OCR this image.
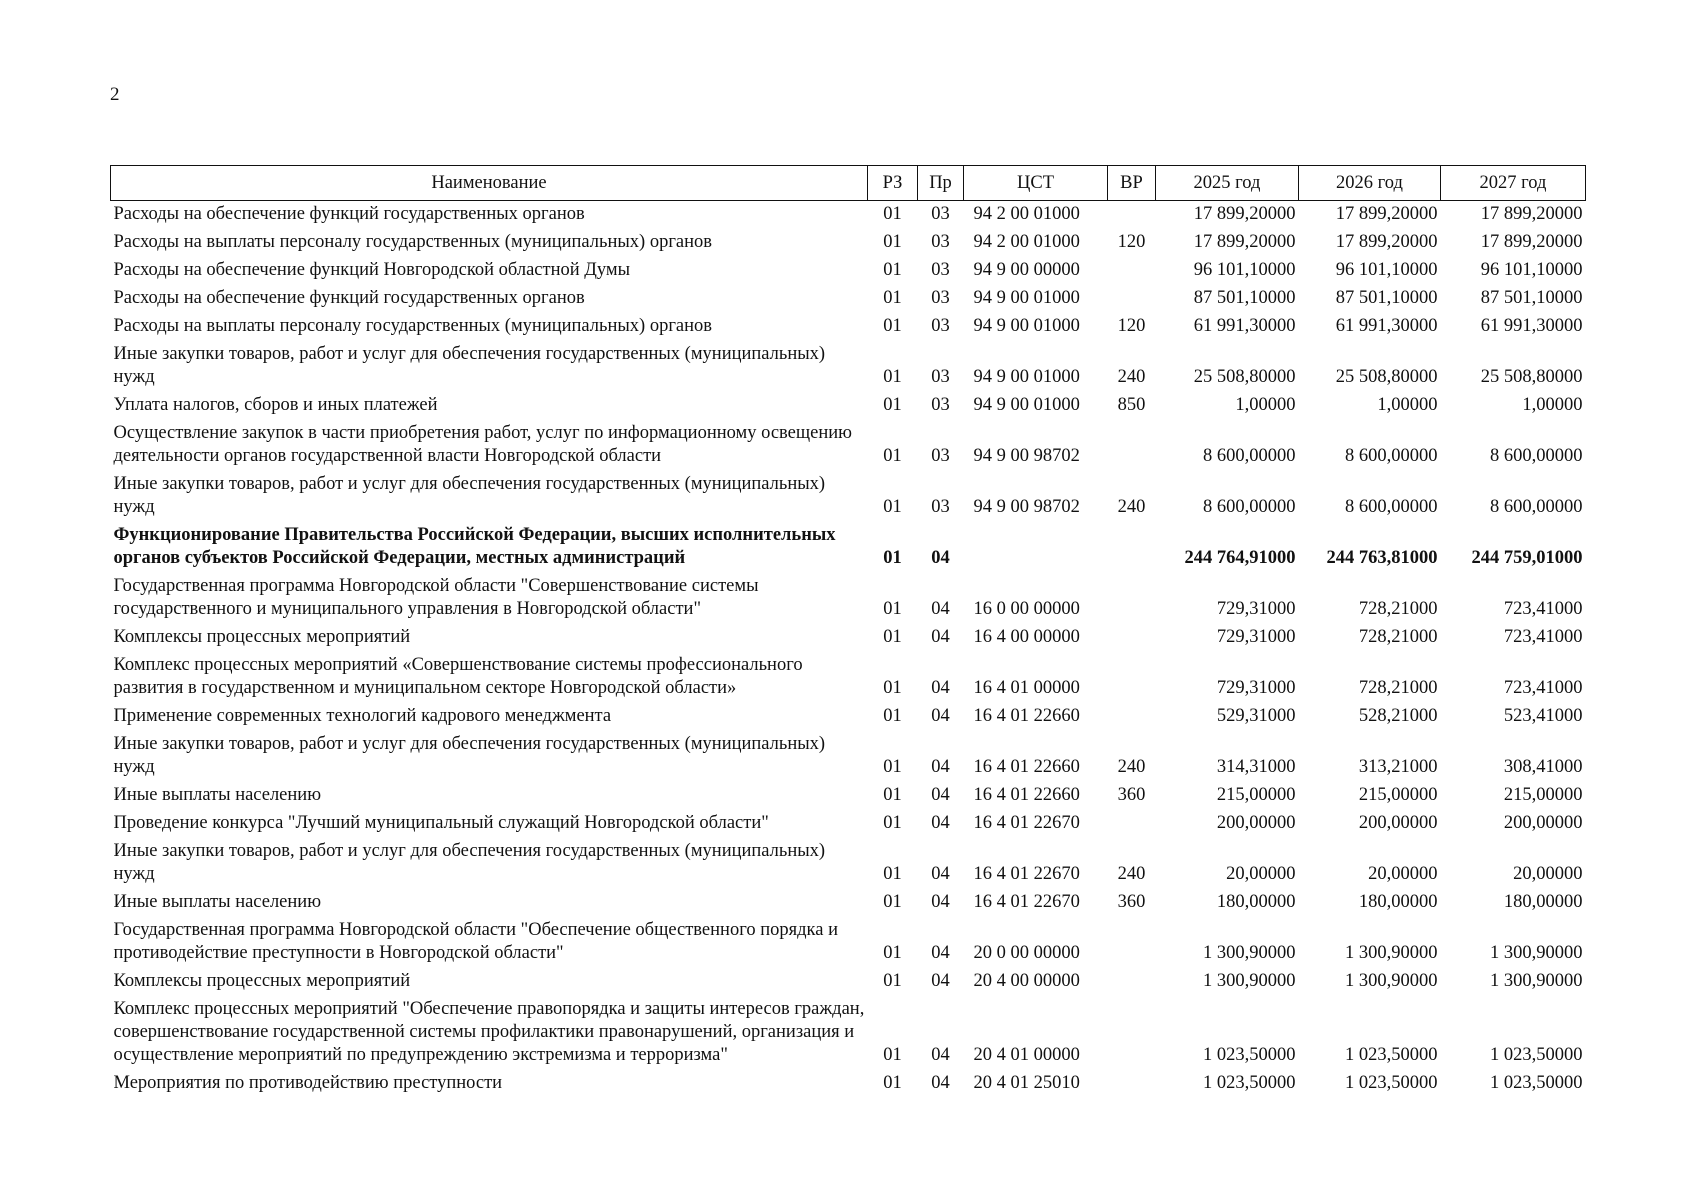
2
Наименование	РЗ	Пр	ЦСТ	ВР	2025 год	2026 год	2027 год
Расходы на обеспечение функций государственных органов	01	03	94 2 00 01000		17 899,20000	17 899,20000	17 899,20000
Расходы на выплаты персоналу государственных (муниципальных) органов	01	03	94 2 00 01000	120	17 899,20000	17 899,20000	17 899,20000
Расходы на обеспечение функций Новгородской областной Думы	01	03	94 9 00 00000		96 101,10000	96 101,10000	96 101,10000
Расходы на обеспечение функций государственных органов	01	03	94 9 00 01000		87 501,10000	87 501,10000	87 501,10000
Расходы на выплаты персоналу государственных (муниципальных) органов	01	03	94 9 00 01000	120	61 991,30000	61 991,30000	61 991,30000
Иные закупки товаров, работ и услуг для обеспечения государственных (муниципальных) нужд	01	03	94 9 00 01000	240	25 508,80000	25 508,80000	25 508,80000
Уплата налогов, сборов и иных платежей	01	03	94 9 00 01000	850	1,00000	1,00000	1,00000
Осуществление закупок в части приобретения работ, услуг по информационному освещению деятельности органов государственной власти Новгородской области	01	03	94 9 00 98702		8 600,00000	8 600,00000	8 600,00000
Иные закупки товаров, работ и услуг для обеспечения государственных (муниципальных) нужд	01	03	94 9 00 98702	240	8 600,00000	8 600,00000	8 600,00000
Функционирование Правительства Российской Федерации, высших исполнительных органов субъектов Российской Федерации, местных администраций	01	04			244 764,91000	244 763,81000	244 759,01000
Государственная программа Новгородской области "Совершенствование системы государственного и муниципального управления в Новгородской области"	01	04	16 0 00 00000		729,31000	728,21000	723,41000
Комплексы процессных мероприятий	01	04	16 4 00 00000		729,31000	728,21000	723,41000
Комплекс процессных мероприятий «Совершенствование системы профессионального развития в государственном и муниципальном секторе Новгородской области»	01	04	16 4 01 00000		729,31000	728,21000	723,41000
Применение современных технологий кадрового менеджмента	01	04	16 4 01 22660		529,31000	528,21000	523,41000
Иные закупки товаров, работ и услуг для обеспечения государственных (муниципальных) нужд	01	04	16 4 01 22660	240	314,31000	313,21000	308,41000
Иные выплаты населению	01	04	16 4 01 22660	360	215,00000	215,00000	215,00000
Проведение конкурса "Лучший муниципальный служащий Новгородской области"	01	04	16 4 01 22670		200,00000	200,00000	200,00000
Иные закупки товаров, работ и услуг для обеспечения государственных (муниципальных) нужд	01	04	16 4 01 22670	240	20,00000	20,00000	20,00000
Иные выплаты населению	01	04	16 4 01 22670	360	180,00000	180,00000	180,00000
Государственная программа Новгородской области "Обеспечение общественного порядка и противодействие преступности в Новгородской области"	01	04	20 0 00 00000		1 300,90000	1 300,90000	1 300,90000
Комплексы процессных мероприятий	01	04	20 4 00 00000		1 300,90000	1 300,90000	1 300,90000
Комплекс процессных мероприятий "Обеспечение правопорядка и защиты интересов граждан, совершенствование государственной системы профилактики правонарушений, организация и осуществление мероприятий по предупреждению экстремизма и терроризма"	01	04	20 4 01 00000		1 023,50000	1 023,50000	1 023,50000
Мероприятия по противодействию преступности	01	04	20 4 01 25010		1 023,50000	1 023,50000	1 023,50000
